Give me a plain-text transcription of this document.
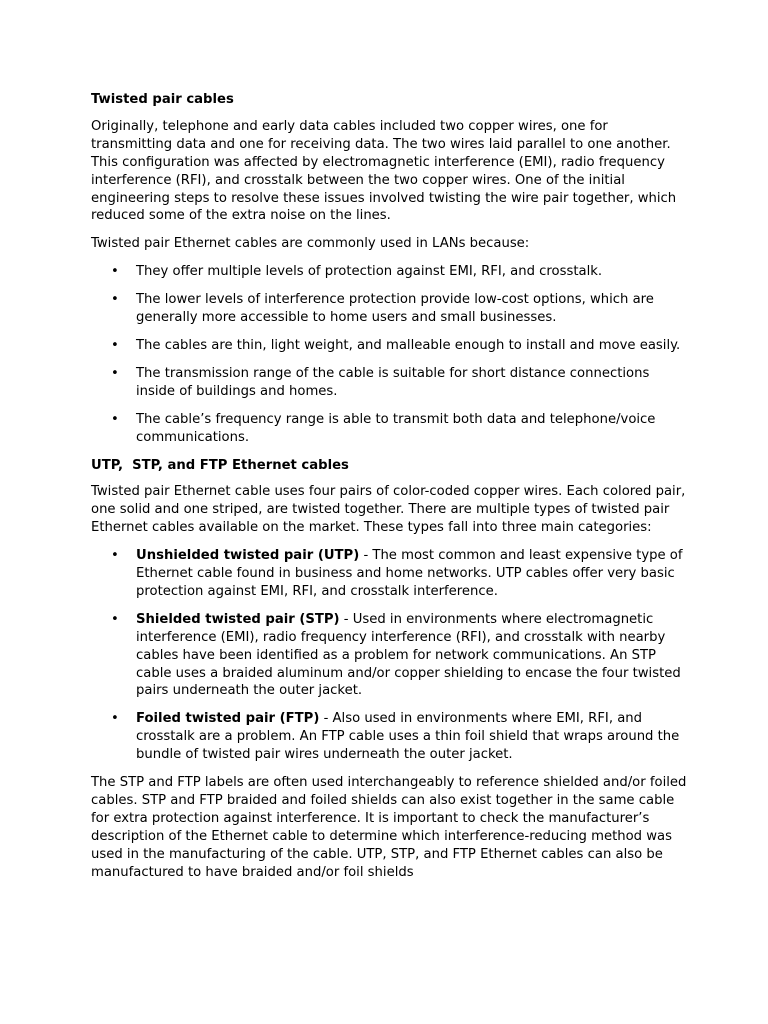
Twisted pair cables

Originally, telephone and early data cables included two copper wires, one for transmitting data and one for receiving data. The two wires laid parallel to one another. This configuration was affected by electromagnetic interference (EMI), radio frequency interference (RFI), and crosstalk between the two copper wires. One of the initial engineering steps to resolve these issues involved twisting the wire pair together, which reduced some of the extra noise on the lines.

Twisted pair Ethernet cables are commonly used in LANs because:

• They offer multiple levels of protection against EMI, RFI, and crosstalk.
• The lower levels of interference protection provide low-cost options, which are generally more accessible to home users and small businesses.
• The cables are thin, light weight, and malleable enough to install and move easily.
• The transmission range of the cable is suitable for short distance connections inside of buildings and homes.
• The cable’s frequency range is able to transmit both data and telephone/voice communications.
UTP,  STP, and FTP Ethernet cables

Twisted pair Ethernet cable uses four pairs of color-coded copper wires. Each colored pair, one solid and one striped, are twisted together. There are multiple types of twisted pair Ethernet cables available on the market. These types fall into three main categories:

• Unshielded twisted pair (UTP) - The most common and least expensive type of Ethernet cable found in business and home networks. UTP cables offer very basic protection against EMI, RFI, and crosstalk interference.
• Shielded twisted pair (STP) - Used in environments where electromagnetic interference (EMI), radio frequency interference (RFI), and crosstalk with nearby cables have been identified as a problem for network communications. An STP cable uses a braided aluminum and/or copper shielding to encase the four twisted pairs underneath the outer jacket.
• Foiled twisted pair (FTP) - Also used in environments where EMI, RFI, and crosstalk are a problem. An FTP cable uses a thin foil shield that wraps around the bundle of twisted pair wires underneath the outer jacket.

The STP and FTP labels are often used interchangeably to reference shielded and/or foiled cables. STP and FTP braided and foiled shields can also exist together in the same cable for extra protection against interference. It is important to check the manufacturer’s description of the Ethernet cable to determine which interference-reducing method was used in the manufacturing of the cable. UTP, STP, and FTP Ethernet cables can also be manufactured to have braided and/or foil shields
